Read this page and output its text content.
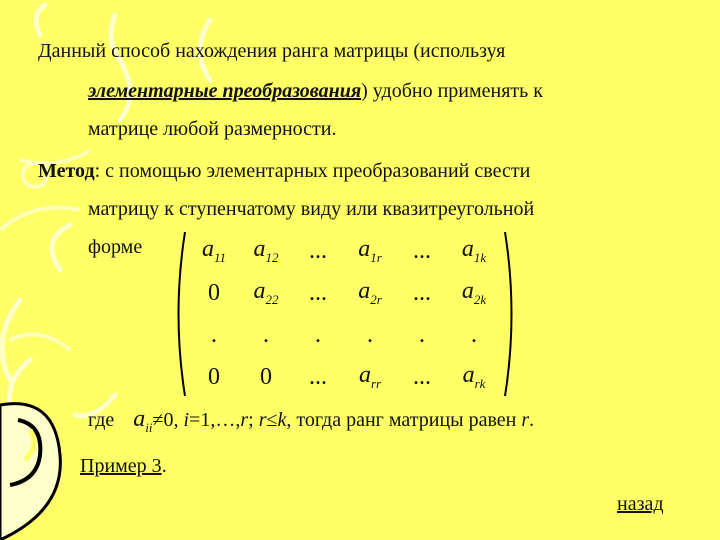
Данный способ нахождения ранга матрицы (используя
элементарные преобразования) удобно применять к
матрице любой размерности.
Метод: с помощью элементарных преобразований свести
матрицу к ступенчатому виду или квазитреугольной
форме $a_{11}$ $a_{12}$ ... $a_{1r}$ ... $a_{1k}$
0 $a_{22}$ ... $a_{2r}$ ... $a_{2k}$
. . . . . .
0 0 ... $a_{rr}$ ... $a_{rk}$
где $a_{ii}\ne 0$, i=1,…,r; r≤k, тогда ранг матрицы равен r.
Пример 3.
назад
